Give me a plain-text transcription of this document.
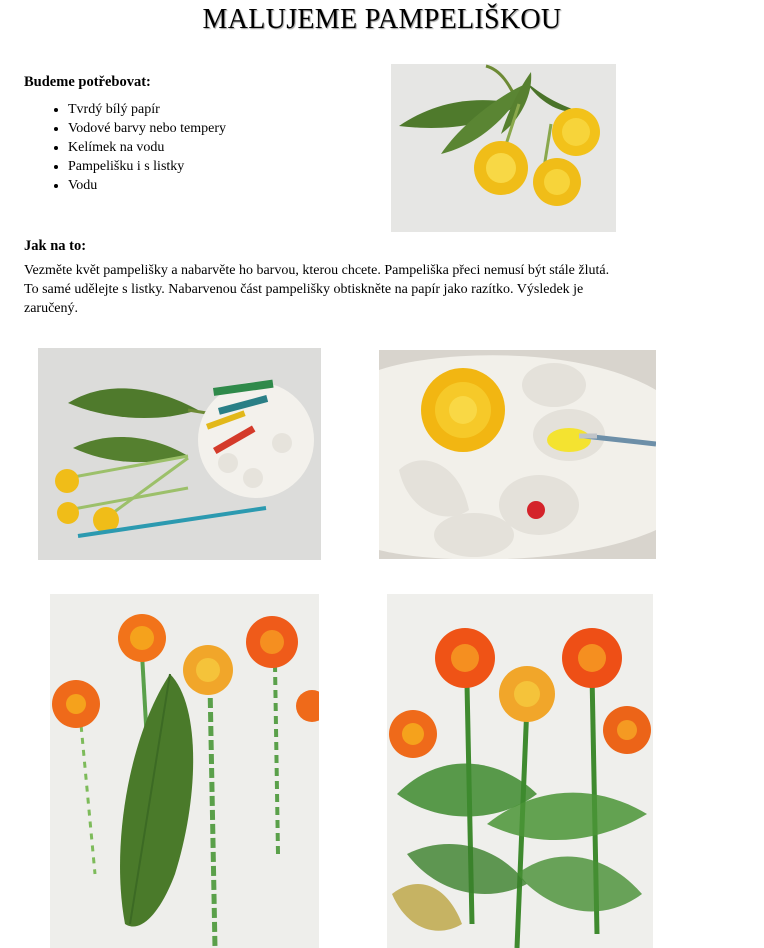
MALUJEME PAMPELIŠKOU
Budeme potřebovat:
• Tvrdý bílý papír
• Vodové barvy nebo tempery
• Kelímek na vodu
• Pampelišku i s listky
• Vodu
Jak na to:

Vezměte květ pampelišky a nabarvěte ho barvou, kterou chcete. Pampeliška přeci nemusí být stále žlutá.
To samé udělejte s listky. Nabarvenou část pampelišky obtiskněte na papír jako razítko. Výsledek je
zaručený.
